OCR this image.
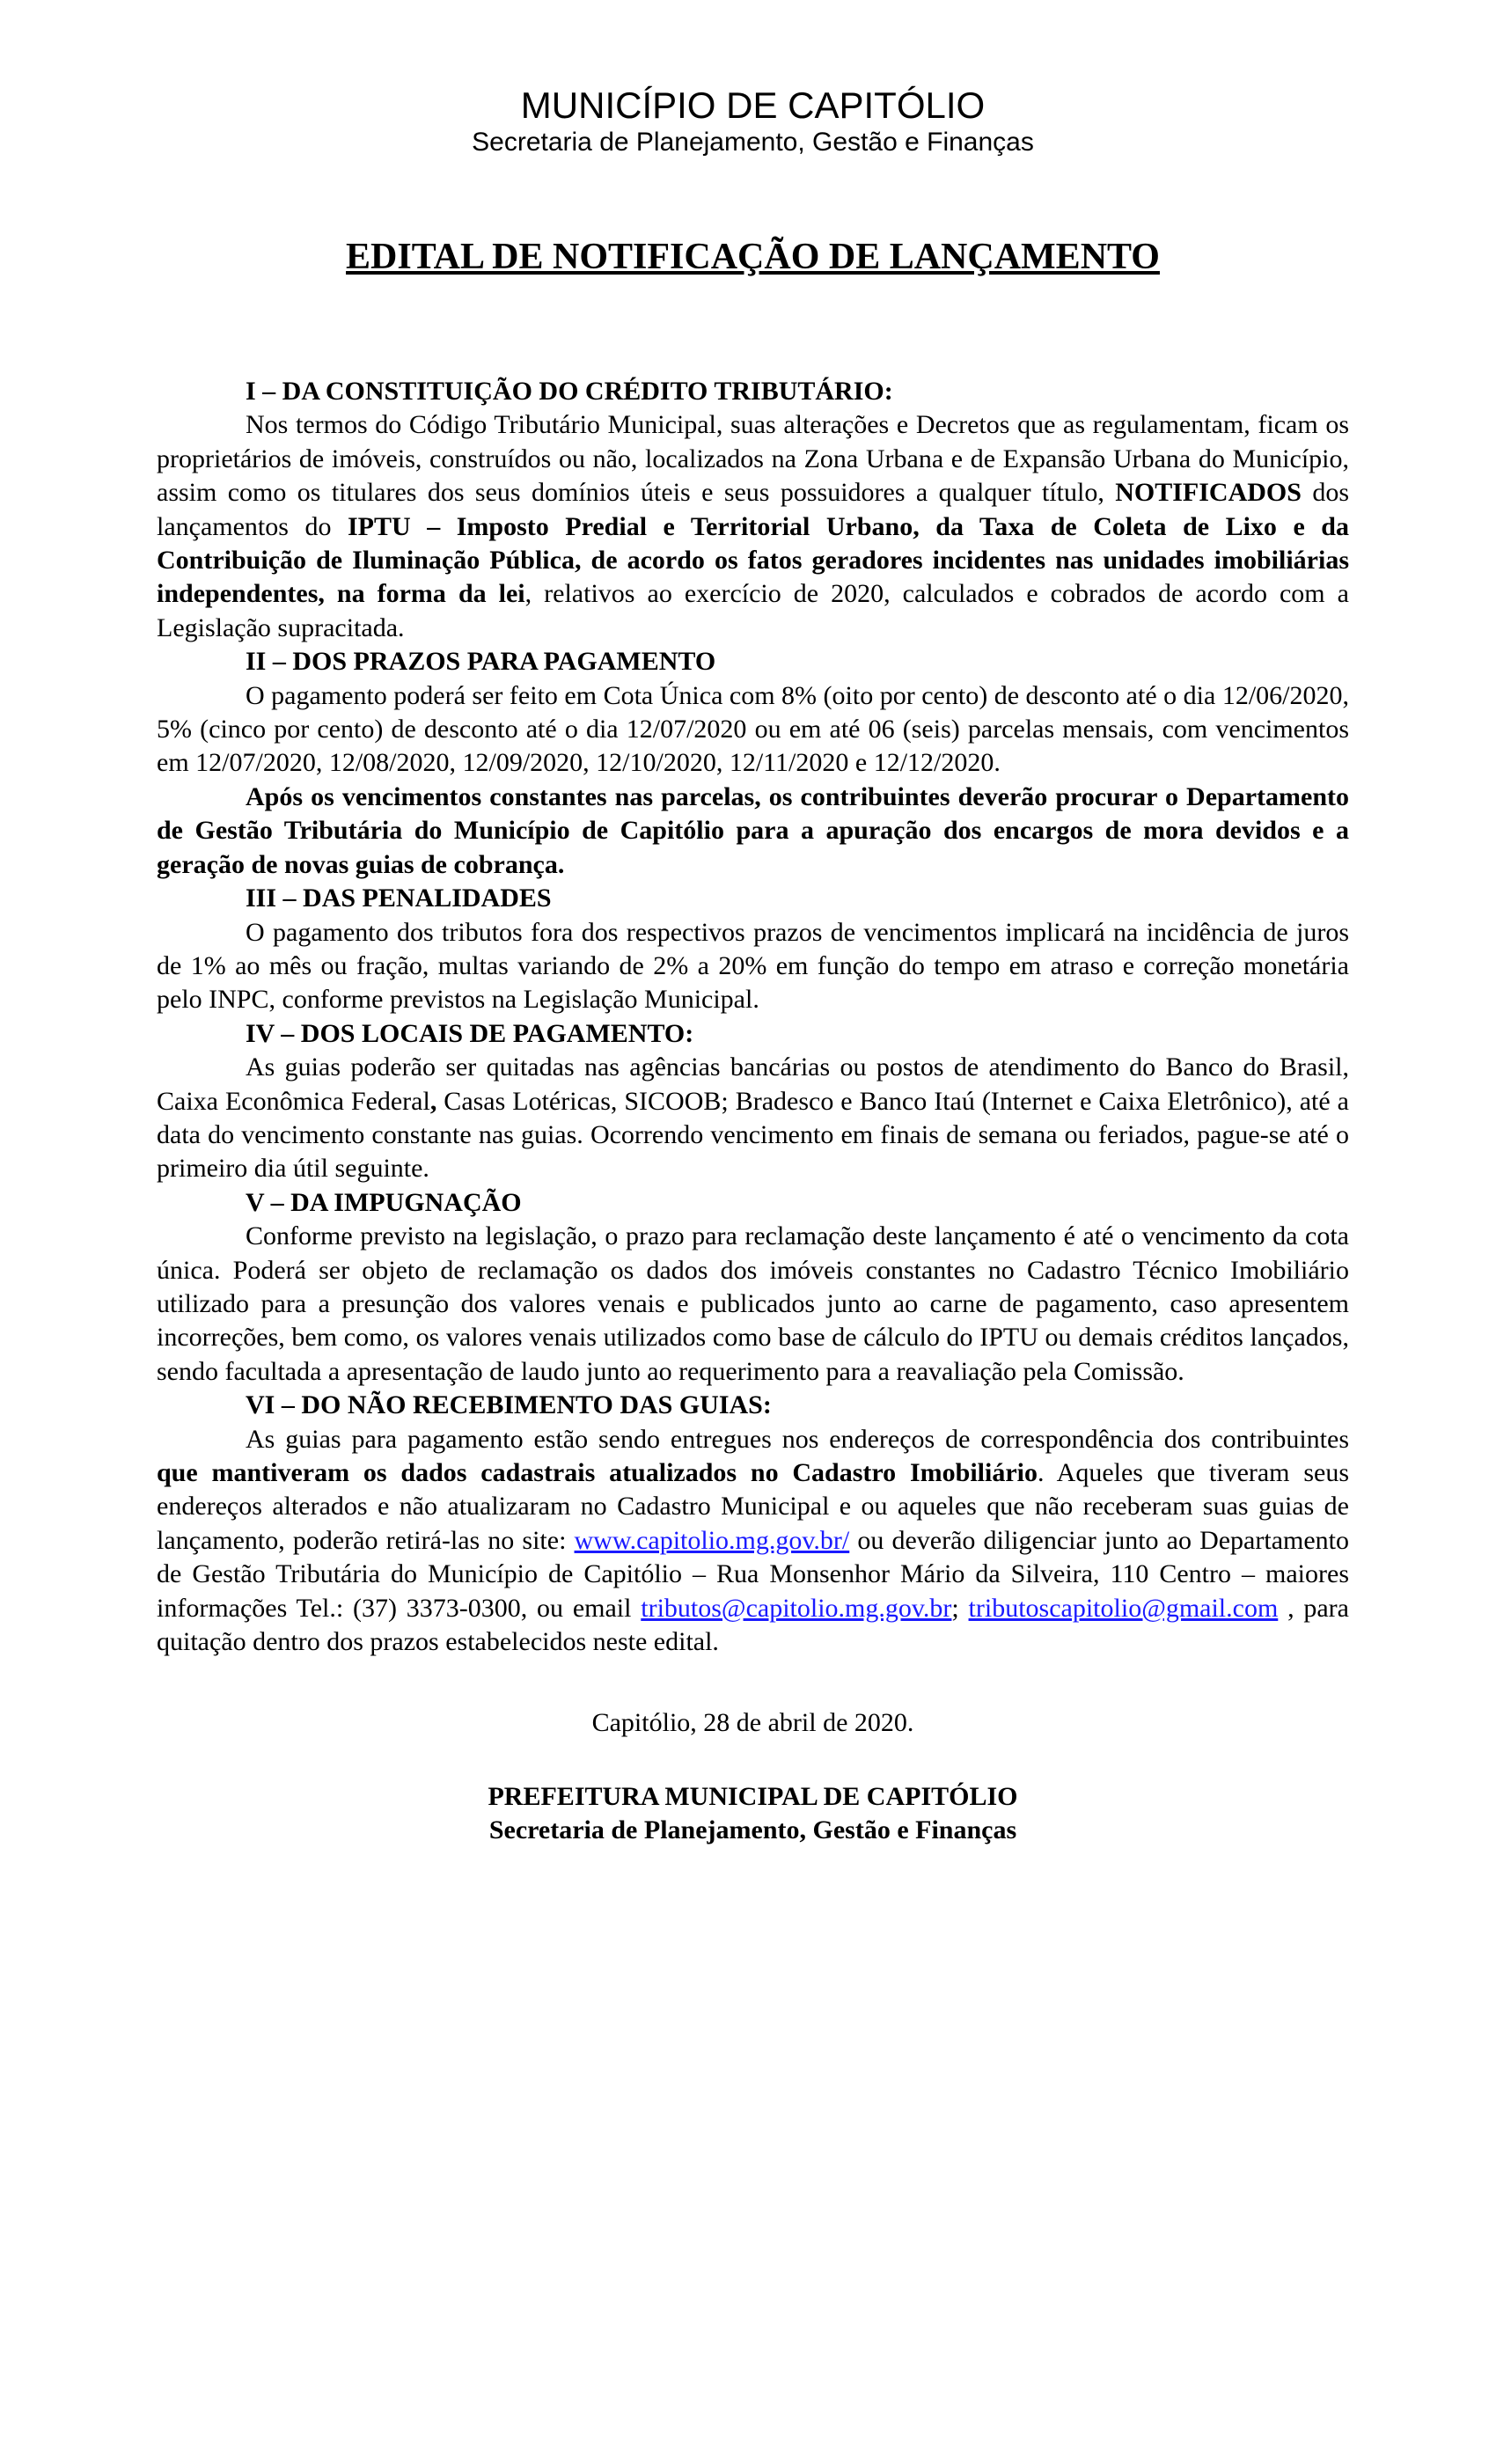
MUNICÍPIO DE CAPITÓLIO

Secretaria de Planejamento, Gestão e Finanças

EDITAL DE NOTIFICAÇÃO DE LANÇAMENTO

I – DA CONSTITUIÇÃO DO CRÉDITO TRIBUTÁRIO:

Nos termos do Código Tributário Municipal, suas alterações e Decretos que as regulamentam, ficam os proprietários de imóveis, construídos ou não, localizados na Zona Urbana e de Expansão Urbana do Município, assim como os titulares dos seus domínios úteis e seus possuidores a qualquer título, NOTIFICADOS dos lançamentos do IPTU – Imposto Predial e Territorial Urbano, da Taxa de Coleta de Lixo e da Contribuição de Iluminação Pública, de acordo os fatos geradores incidentes nas unidades imobiliárias independentes, na forma da lei, relativos ao exercício de 2020, calculados e cobrados de acordo com a Legislação supracitada.

II – DOS PRAZOS PARA PAGAMENTO

O pagamento poderá ser feito em Cota Única com 8% (oito por cento) de desconto até o dia 12/06/2020, 5% (cinco por cento) de desconto até o dia 12/07/2020 ou em até 06 (seis) parcelas mensais, com vencimentos em 12/07/2020, 12/08/2020, 12/09/2020, 12/10/2020, 12/11/2020 e 12/12/2020.

Após os vencimentos constantes nas parcelas, os contribuintes deverão procurar o Departamento de Gestão Tributária do Município de Capitólio para a apuração dos encargos de mora devidos e a geração de novas guias de cobrança.

III – DAS PENALIDADES

O pagamento dos tributos fora dos respectivos prazos de vencimentos implicará na incidência de juros de 1% ao mês ou fração, multas variando de 2% a 20% em função do tempo em atraso e correção monetária pelo INPC, conforme previstos na Legislação Municipal.

IV – DOS LOCAIS DE PAGAMENTO:

As guias poderão ser quitadas nas agências bancárias ou postos de atendimento do Banco do Brasil, Caixa Econômica Federal, Casas Lotéricas, SICOOB; Bradesco e Banco Itaú (Internet e Caixa Eletrônico), até a data do vencimento constante nas guias. Ocorrendo vencimento em finais de semana ou feriados, pague-se até o primeiro dia útil seguinte.

V – DA IMPUGNAÇÃO

Conforme previsto na legislação, o prazo para reclamação deste lançamento é até o vencimento da cota única. Poderá ser objeto de reclamação os dados dos imóveis constantes no Cadastro Técnico Imobiliário utilizado para a presunção dos valores venais e publicados junto ao carne de pagamento, caso apresentem incorreções, bem como, os valores venais utilizados como base de cálculo do IPTU ou demais créditos lançados, sendo facultada a apresentação de laudo junto ao requerimento para a reavaliação pela Comissão.

VI – DO NÃO RECEBIMENTO DAS GUIAS:

As guias para pagamento estão sendo entregues nos endereços de correspondência dos contribuintes que mantiveram os dados cadastrais atualizados no Cadastro Imobiliário. Aqueles que tiveram seus endereços alterados e não atualizaram no Cadastro Municipal e ou aqueles que não receberam suas guias de lançamento, poderão retirá-las no site: www.capitolio.mg.gov.br/ ou deverão diligenciar junto ao Departamento de Gestão Tributária do Município de Capitólio – Rua Monsenhor Mário da Silveira, 110 Centro – maiores informações Tel.: (37) 3373-0300, ou email tributos@capitolio.mg.gov.br; tributoscapitolio@gmail.com , para quitação dentro dos prazos estabelecidos neste edital.

Capitólio, 28 de abril de 2020.

PREFEITURA MUNICIPAL DE CAPITÓLIO

Secretaria de Planejamento, Gestão e Finanças
